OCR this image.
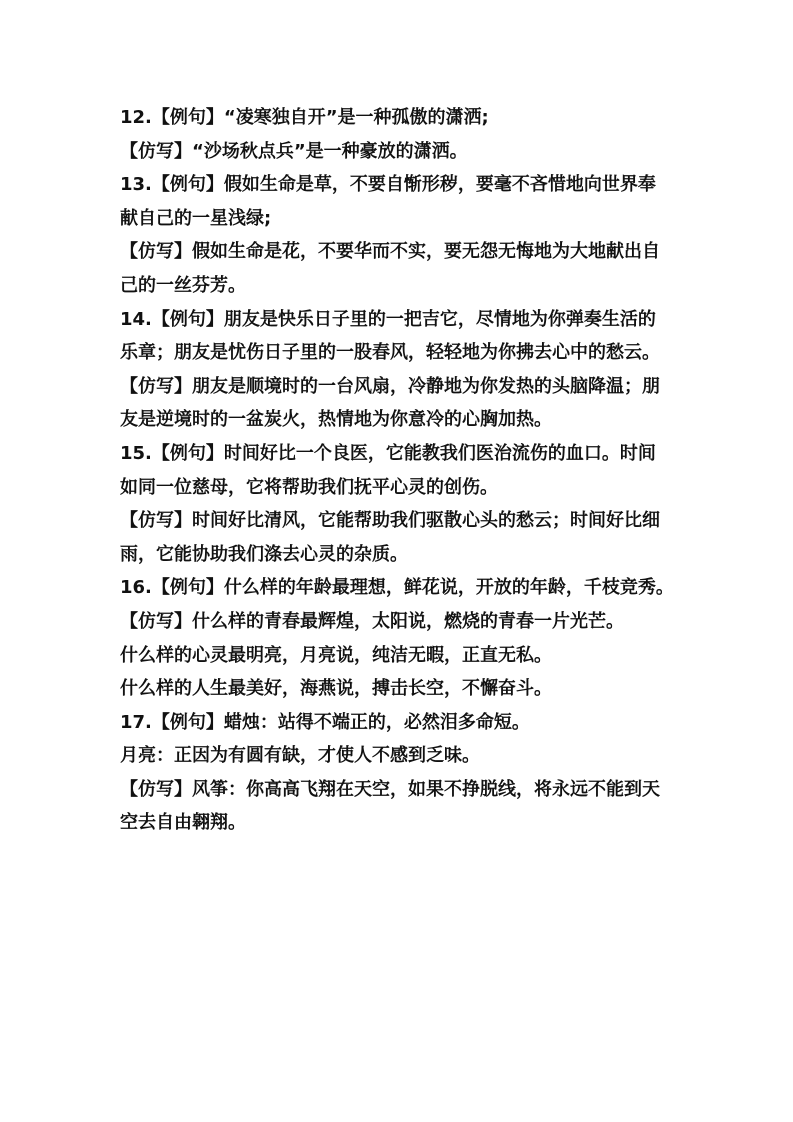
12.【例句】“凌寒独自开”是一种孤傲的潇洒;

【仿写】“沙场秋点兵”是一种豪放的潇洒。

13.【例句】假如生命是草，不要自惭形秽，要毫不吝惜地向世界奉

献自己的一星浅绿;

【仿写】假如生命是花，不要华而不实，要无怨无悔地为大地献出自

己的一丝芬芳。

14.【例句】朋友是快乐日子里的一把吉它，尽情地为你弹奏生活的

乐章；朋友是忧伤日子里的一股春风，轻轻地为你拂去心中的愁云。

【仿写】朋友是顺境时的一台风扇，冷静地为你发热的头脑降温；朋

友是逆境时的一盆炭火，热情地为你意冷的心胸加热。

15.【例句】时间好比一个良医，它能教我们医治流伤的血口。时间

如同一位慈母，它将帮助我们抚平心灵的创伤。

【仿写】时间好比清风，它能帮助我们驱散心头的愁云；时间好比细

雨，它能协助我们涤去心灵的杂质。

16.【例句】什么样的年龄最理想，鲜花说，开放的年龄，千枝竞秀。

【仿写】什么样的青春最辉煌，太阳说，燃烧的青春一片光芒。

什么样的心灵最明亮，月亮说，纯洁无暇，正直无私。

什么样的人生最美好，海燕说，搏击长空，不懈奋斗。

17.【例句】蜡烛：站得不端正的，必然泪多命短。

月亮：正因为有圆有缺，才使人不感到乏味。

【仿写】风筝：你高高飞翔在天空，如果不挣脱线，将永远不能到天

空去自由翱翔。
